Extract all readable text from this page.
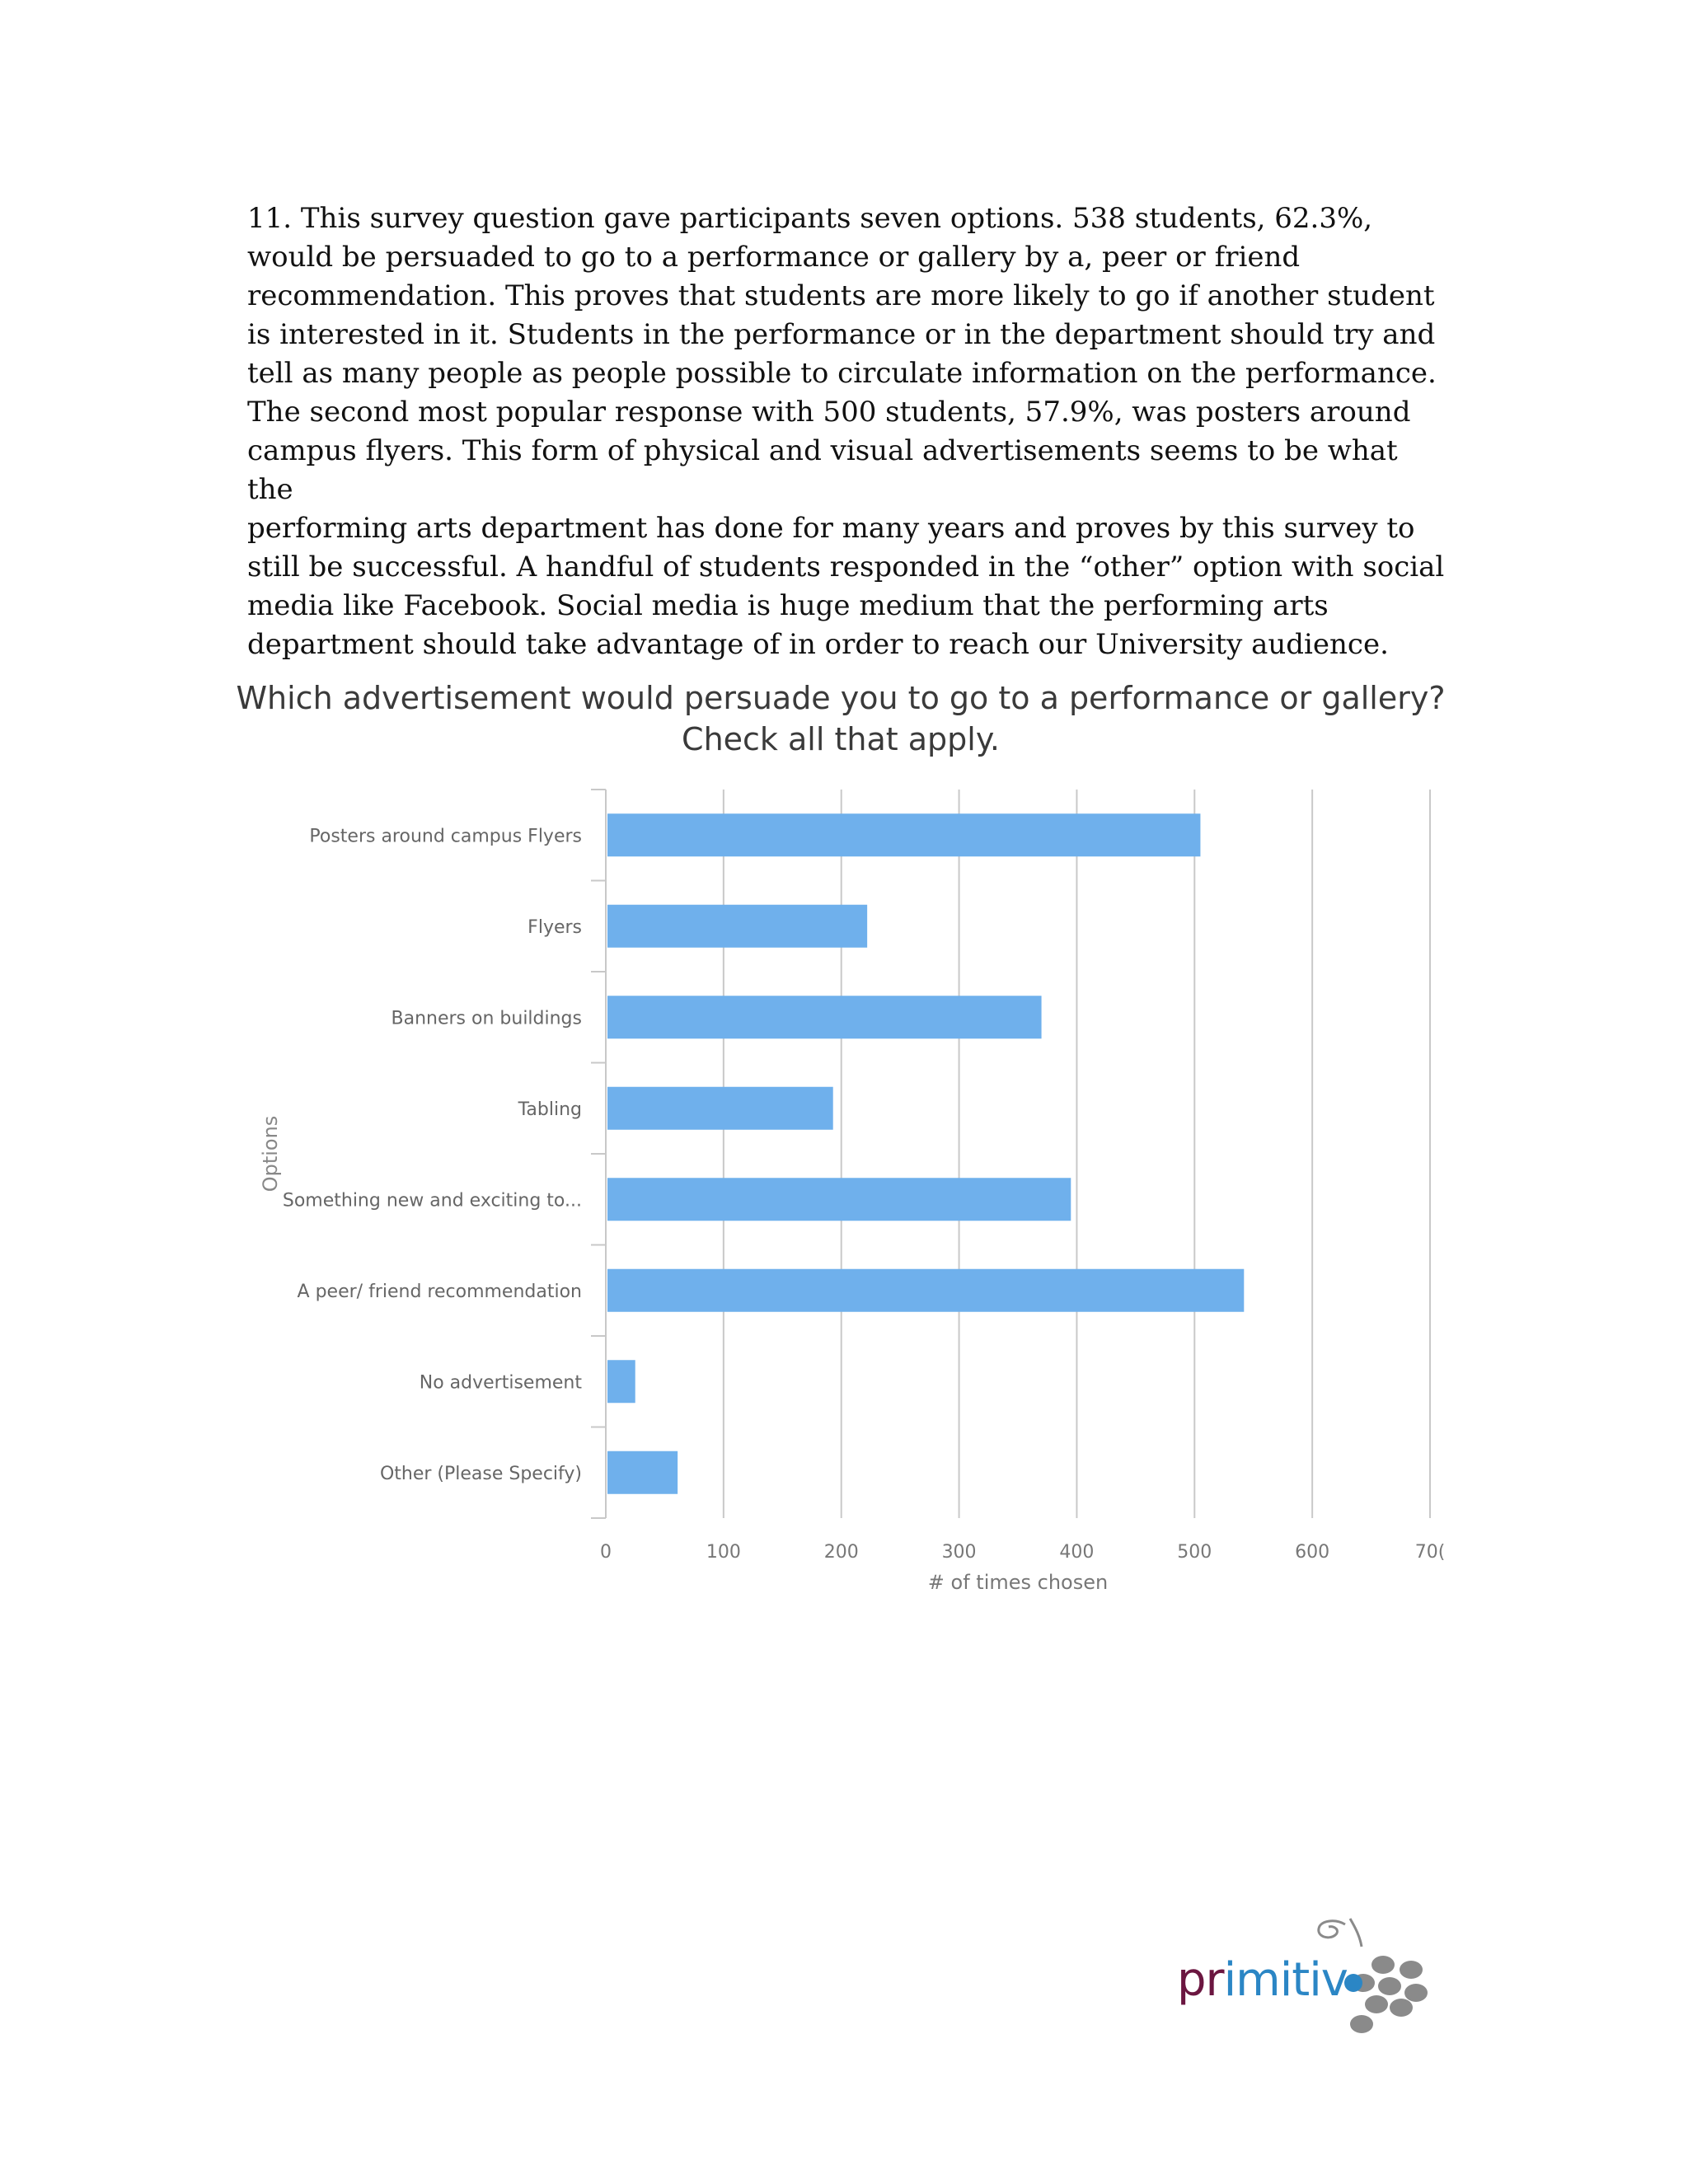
11. This survey question gave participants seven options. 538 students, 62.3%,
would be persuaded to go to a performance or gallery by a, peer or friend
recommendation. This proves that students are more likely to go if another student
is interested in it. Students in the performance or in the department should try and
tell as many people as people possible to circulate information on the performance.
The second most popular response with 500 students, 57.9%, was posters around
campus flyers. This form of physical and visual advertisements seems to be what the
performing arts department has done for many years and proves by this survey to
still be successful. A handful of students responded in the “other” option with social
media like Facebook. Social media is huge medium that the performing arts
department should take advantage of in order to reach our University audience.

Which advertisement would persuade you to go to a performance or gallery?
Check all that apply.
0	100	200	300	400	500	600	70(
Posters around campus Flyers
Flyers
Banners on buildings
Tabling
Something new and exciting to...
A peer/ friend recommendation
No advertisement
Other (Please Specify)
# of times chosen
Options
primitiv
